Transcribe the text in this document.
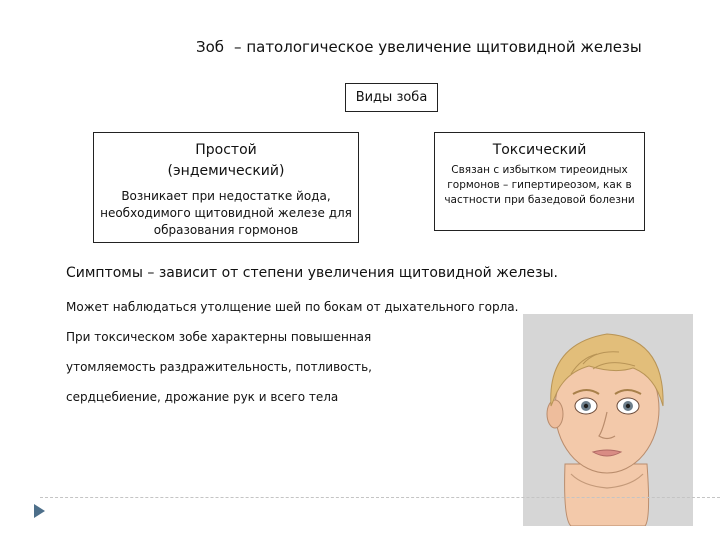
Зоб – патологическое увеличение щитовидной железы
Виды зоба
Простой
(эндемический)
Возникает при недостатке йода, необходимого щитовидной железе для образования гормонов
Токсический
Связан с избытком тиреоидных гормонов – гипертиреозом, как в частности при базедовой болезни
Симптомы – зависит от степени увеличения щитовидной железы.
Может наблюдаться утолщение шей по бокам от дыхательного горла.
При токсическом зобе характерны повышенная
утомляемость раздражительность, потливость,
сердцебиение, дрожание рук и всего тела
